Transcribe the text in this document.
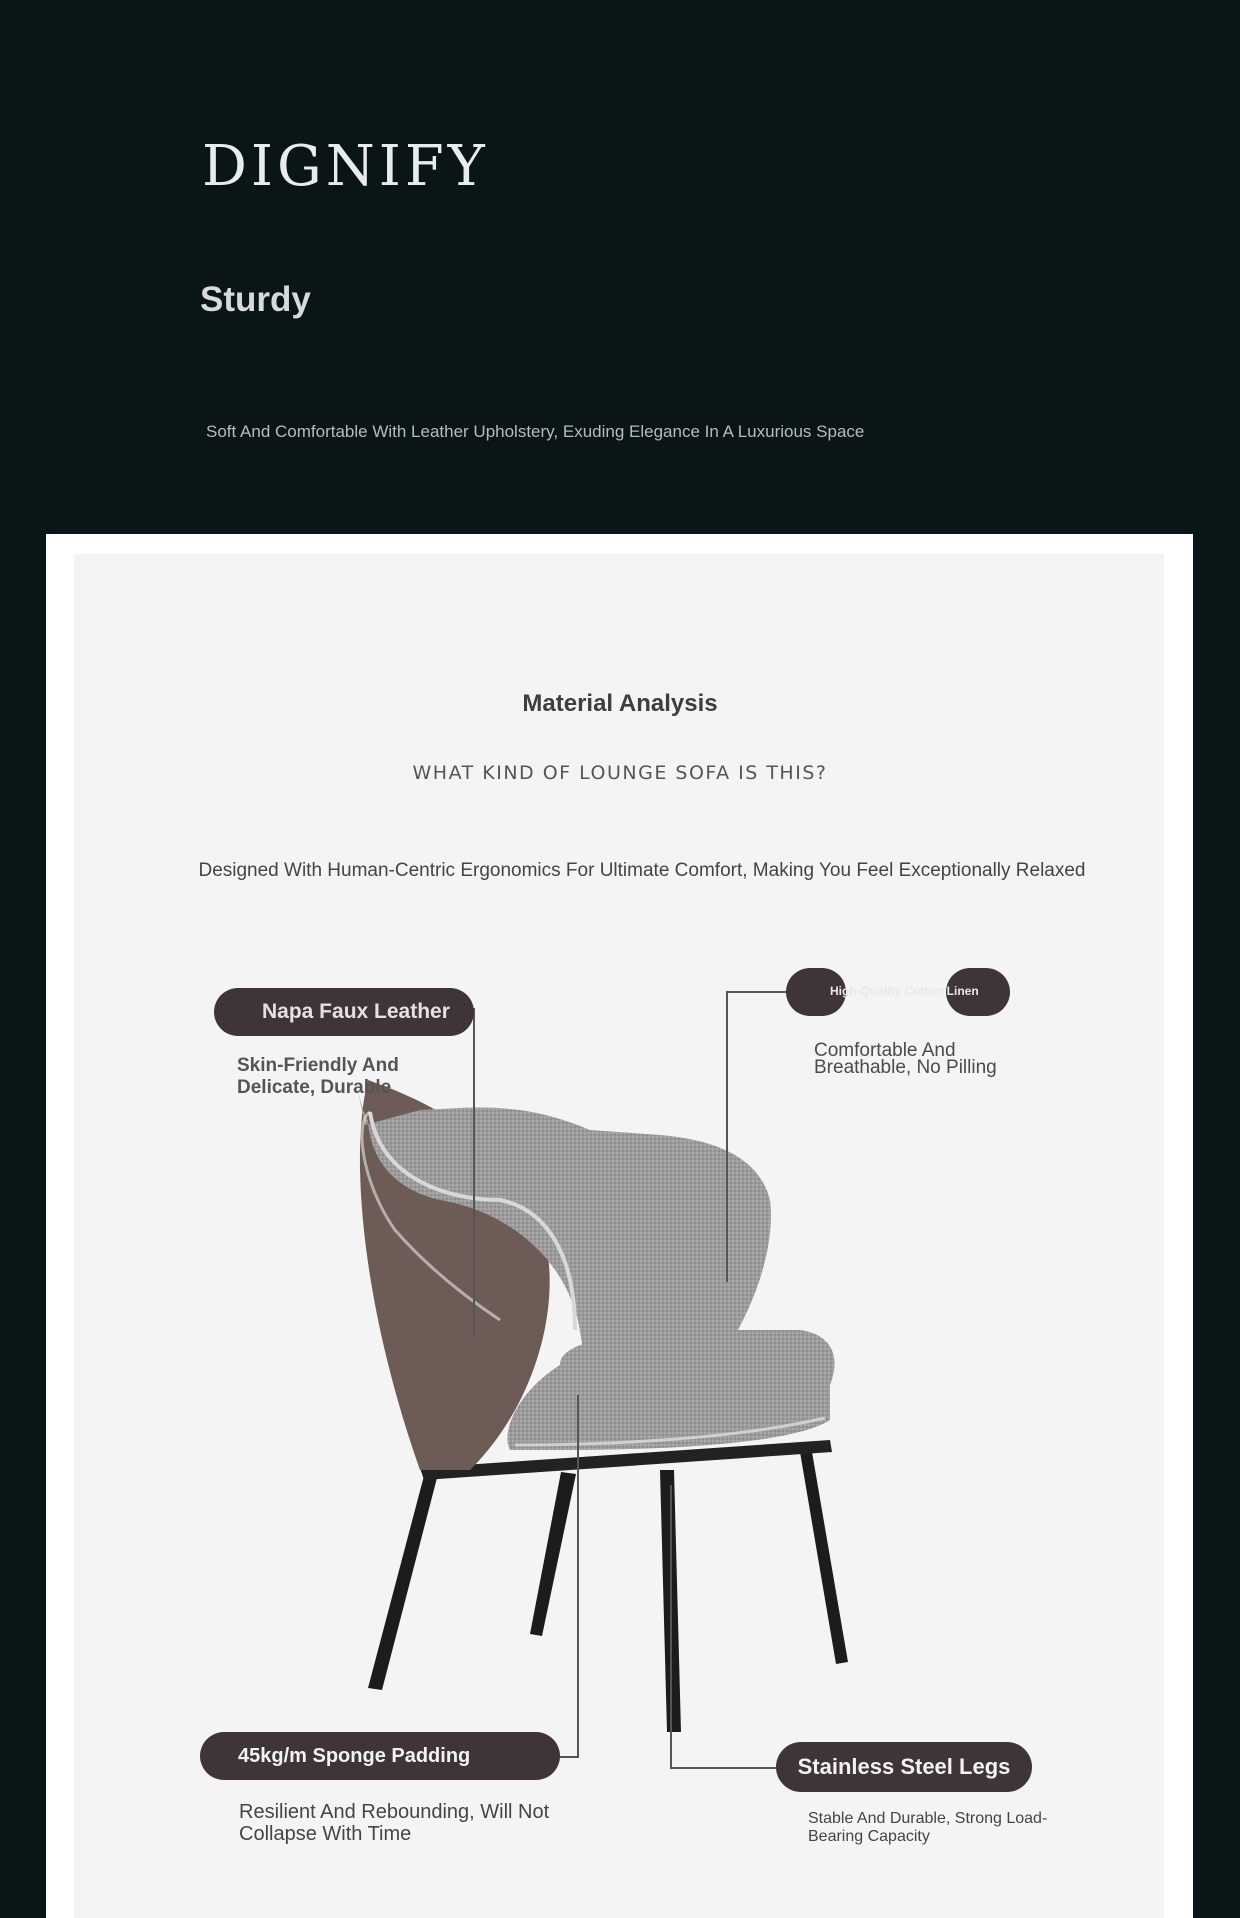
DIGNIFY
Sturdy
Soft And Comfortable With Leather Upholstery, Exuding Elegance In A Luxurious Space
Material Analysis
WHAT KIND OF LOUNGE SOFA IS THIS?
Designed With Human-Centric Ergonomics For Ultimate Comfort, Making You Feel Exceptionally Relaxed
Napa Faux Leather
Skin-Friendly And Delicate, Durable
High-Quality Cotton Linen
Comfortable And Breathable, No Pilling
45kg/m Sponge Padding
Resilient And Rebounding, Will Not Collapse With Time
Stainless Steel Legs
Stable And Durable, Strong Load-Bearing Capacity
